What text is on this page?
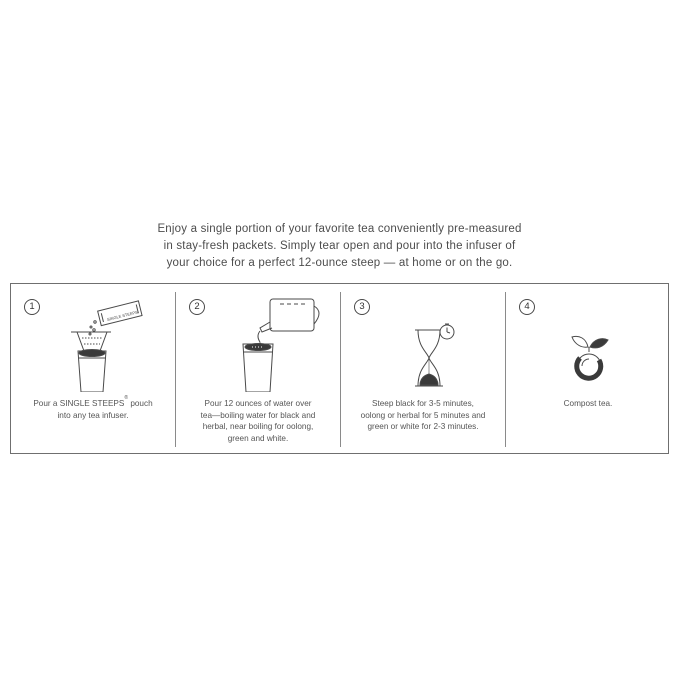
Enjoy a single portion of your favorite tea conveniently pre-measured
in stay-fresh packets. Simply tear open and pour into the infuser of
your choice for a perfect 12-ounce steep — at home or on the go.
1
SINGLE STEEPS
Pour a SINGLE STEEPS® pouch
into any tea infuser.
2
Pour 12 ounces of water over
tea—boiling water for black and
herbal, near boiling for oolong,
green and white.
3
Steep black for 3-5 minutes,
oolong or herbal for 5 minutes and
green or white for 2-3 minutes.
4
Compost tea.
